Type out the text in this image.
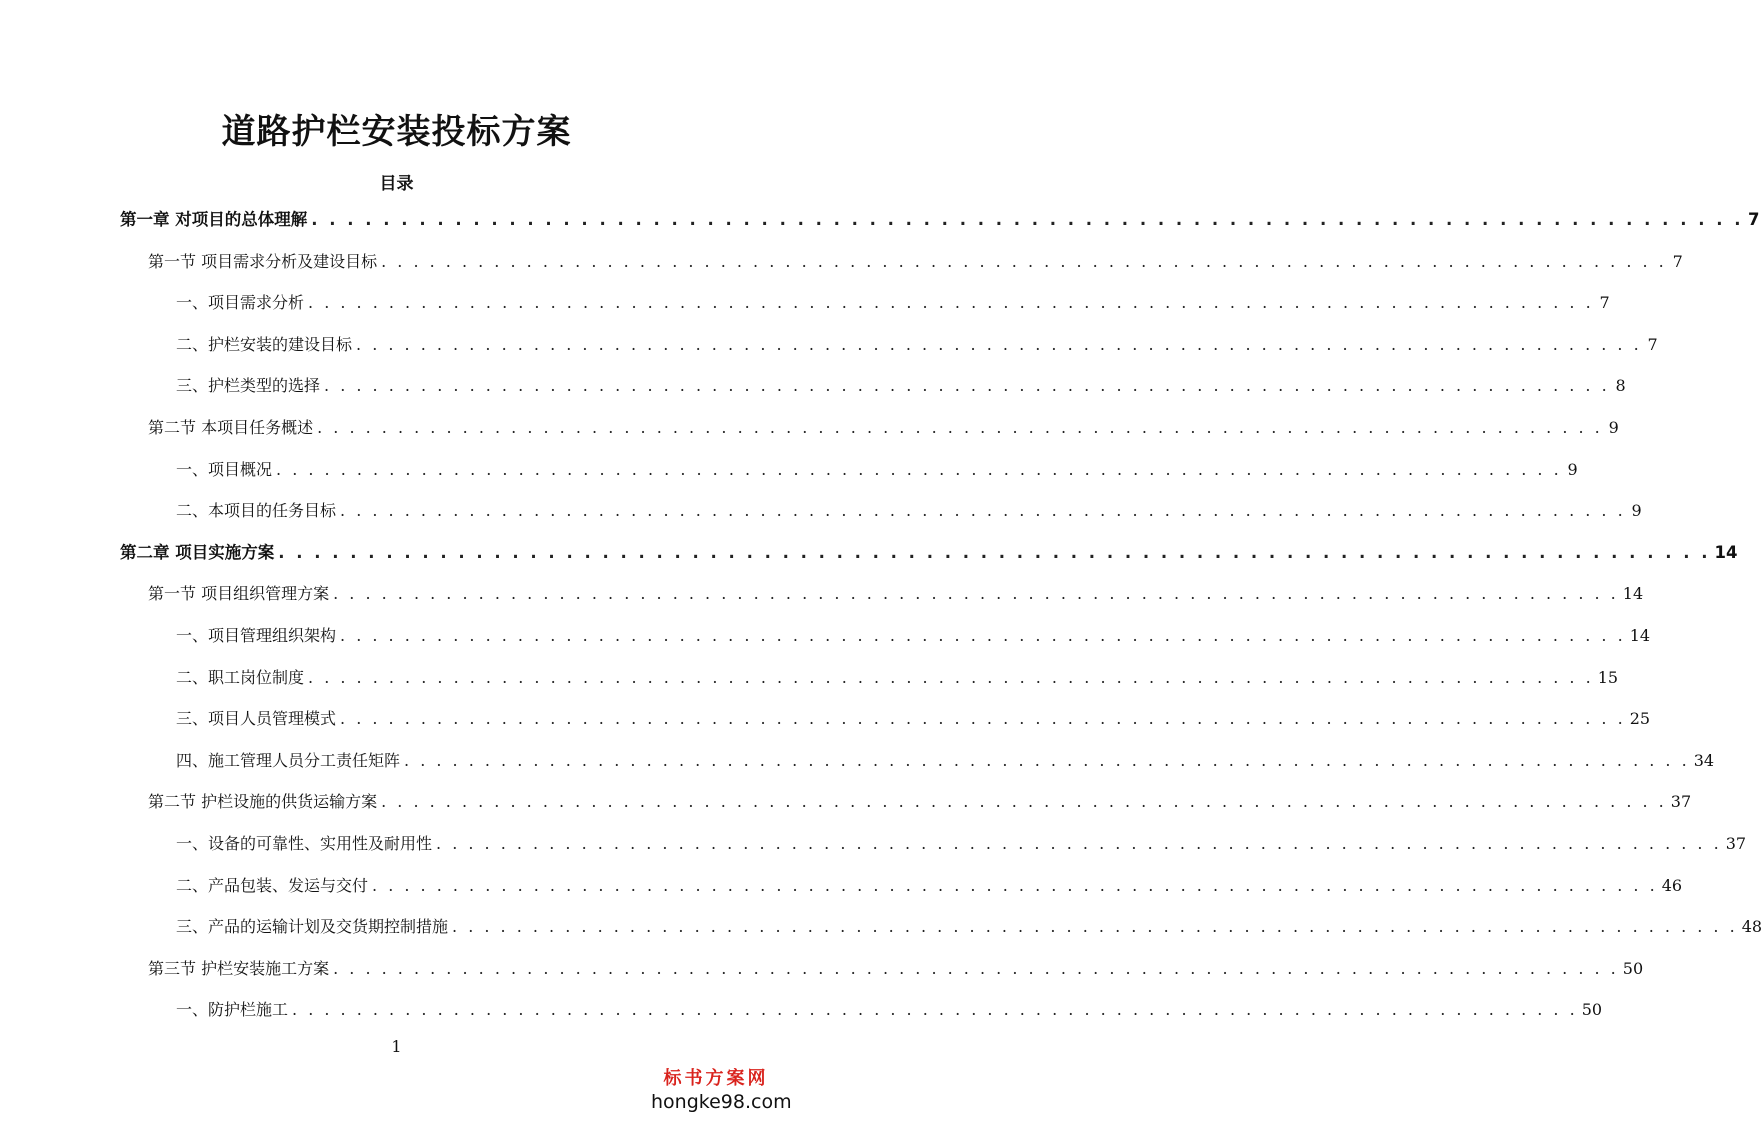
道路护栏安装投标方案
目录
第一章 对项目的总体理解 . . . . . . . . . . . . . . . . . . . . . . . . . . . . . . . . . . . . . . . . . . . . . . . . . . . . . . . . . . . . . . . . . . . . . . . . . . . . . . . . 7
第一节 项目需求分析及建设目标 . . . . . . . . . . . . . . . . . . . . . . . . . . . . . . . . . . . . . . . . . . . . . . . . . . . . . . . . . . . . . . . . . . . . . . . . . . . . . . . . 7
一、项目需求分析 . . . . . . . . . . . . . . . . . . . . . . . . . . . . . . . . . . . . . . . . . . . . . . . . . . . . . . . . . . . . . . . . . . . . . . . . . . . . . . . . 7
二、护栏安装的建设目标 . . . . . . . . . . . . . . . . . . . . . . . . . . . . . . . . . . . . . . . . . . . . . . . . . . . . . . . . . . . . . . . . . . . . . . . . . . . . . . . . 7
三、护栏类型的选择 . . . . . . . . . . . . . . . . . . . . . . . . . . . . . . . . . . . . . . . . . . . . . . . . . . . . . . . . . . . . . . . . . . . . . . . . . . . . . . . . 8
第二节 本项目任务概述 . . . . . . . . . . . . . . . . . . . . . . . . . . . . . . . . . . . . . . . . . . . . . . . . . . . . . . . . . . . . . . . . . . . . . . . . . . . . . . . . 9
一、项目概况 . . . . . . . . . . . . . . . . . . . . . . . . . . . . . . . . . . . . . . . . . . . . . . . . . . . . . . . . . . . . . . . . . . . . . . . . . . . . . . . . 9
二、本项目的任务目标 . . . . . . . . . . . . . . . . . . . . . . . . . . . . . . . . . . . . . . . . . . . . . . . . . . . . . . . . . . . . . . . . . . . . . . . . . . . . . . . . 9
第二章 项目实施方案 . . . . . . . . . . . . . . . . . . . . . . . . . . . . . . . . . . . . . . . . . . . . . . . . . . . . . . . . . . . . . . . . . . . . . . . . . . . . . . . . 14
第一节 项目组织管理方案 . . . . . . . . . . . . . . . . . . . . . . . . . . . . . . . . . . . . . . . . . . . . . . . . . . . . . . . . . . . . . . . . . . . . . . . . . . . . . . . . 14
一、项目管理组织架构 . . . . . . . . . . . . . . . . . . . . . . . . . . . . . . . . . . . . . . . . . . . . . . . . . . . . . . . . . . . . . . . . . . . . . . . . . . . . . . . . 14
二、职工岗位制度 . . . . . . . . . . . . . . . . . . . . . . . . . . . . . . . . . . . . . . . . . . . . . . . . . . . . . . . . . . . . . . . . . . . . . . . . . . . . . . . . 15
三、项目人员管理模式 . . . . . . . . . . . . . . . . . . . . . . . . . . . . . . . . . . . . . . . . . . . . . . . . . . . . . . . . . . . . . . . . . . . . . . . . . . . . . . . . 25
四、施工管理人员分工责任矩阵 . . . . . . . . . . . . . . . . . . . . . . . . . . . . . . . . . . . . . . . . . . . . . . . . . . . . . . . . . . . . . . . . . . . . . . . . . . . . . . . . 34
第二节 护栏设施的供货运输方案 . . . . . . . . . . . . . . . . . . . . . . . . . . . . . . . . . . . . . . . . . . . . . . . . . . . . . . . . . . . . . . . . . . . . . . . . . . . . . . . . 37
一、设备的可靠性、实用性及耐用性 . . . . . . . . . . . . . . . . . . . . . . . . . . . . . . . . . . . . . . . . . . . . . . . . . . . . . . . . . . . . . . . . . . . . . . . . . . . . . . . . 37
二、产品包装、发运与交付 . . . . . . . . . . . . . . . . . . . . . . . . . . . . . . . . . . . . . . . . . . . . . . . . . . . . . . . . . . . . . . . . . . . . . . . . . . . . . . . . 46
三、产品的运输计划及交货期控制措施 . . . . . . . . . . . . . . . . . . . . . . . . . . . . . . . . . . . . . . . . . . . . . . . . . . . . . . . . . . . . . . . . . . . . . . . . . . . . . . . . 48
第三节 护栏安装施工方案 . . . . . . . . . . . . . . . . . . . . . . . . . . . . . . . . . . . . . . . . . . . . . . . . . . . . . . . . . . . . . . . . . . . . . . . . . . . . . . . . 50
一、防护栏施工 . . . . . . . . . . . . . . . . . . . . . . . . . . . . . . . . . . . . . . . . . . . . . . . . . . . . . . . . . . . . . . . . . . . . . . . . . . . . . . . . 50
1
标书方案网
hongke98.com
